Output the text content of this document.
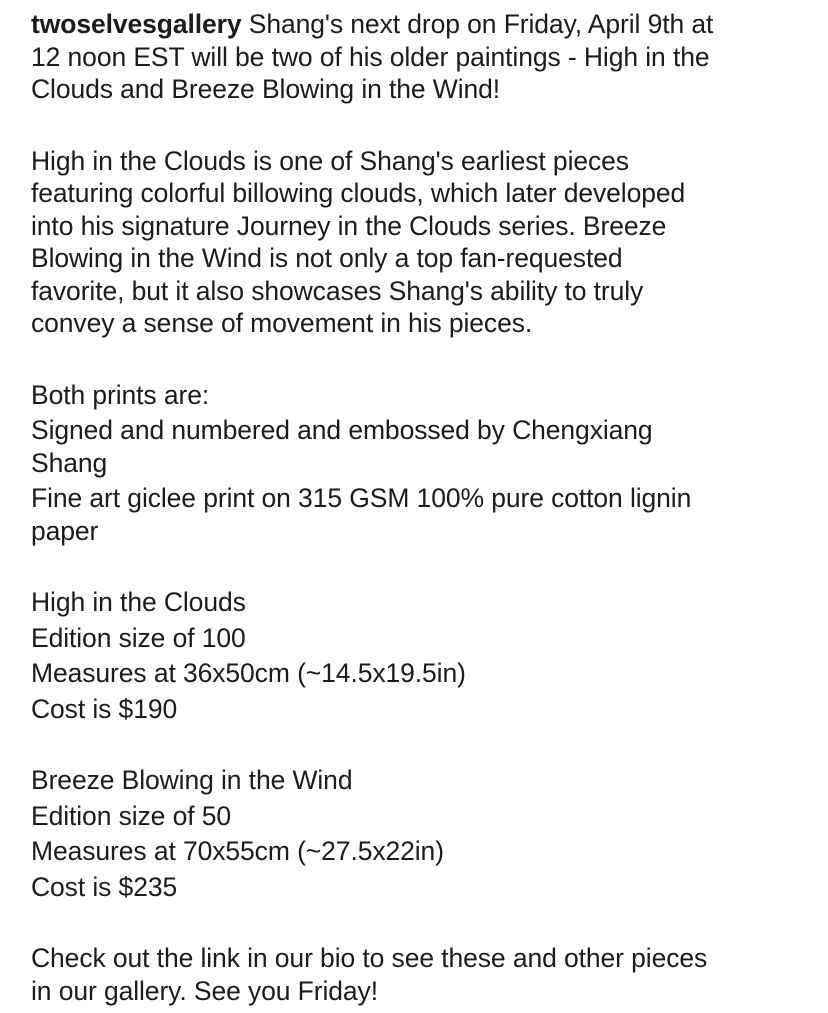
twoselvesgallery Shang's next drop on Friday, April 9th at
12 noon EST will be two of his older paintings - High in the
Clouds and Breeze Blowing in the Wind!
High in the Clouds is one of Shang's earliest pieces
featuring colorful billowing clouds, which later developed
into his signature Journey in the Clouds series. Breeze
Blowing in the Wind is not only a top fan-requested
favorite, but it also showcases Shang's ability to truly
convey a sense of movement in his pieces.
Both prints are:
Signed and numbered and embossed by Chengxiang
Shang
Fine art giclee print on 315 GSM 100% pure cotton lignin
paper
High in the Clouds
Edition size of 100
Measures at 36x50cm (~14.5x19.5in)
Cost is $190
Breeze Blowing in the Wind
Edition size of 50
Measures at 70x55cm (~27.5x22in)
Cost is $235
Check out the link in our bio to see these and other pieces
in our gallery. See you Friday!
